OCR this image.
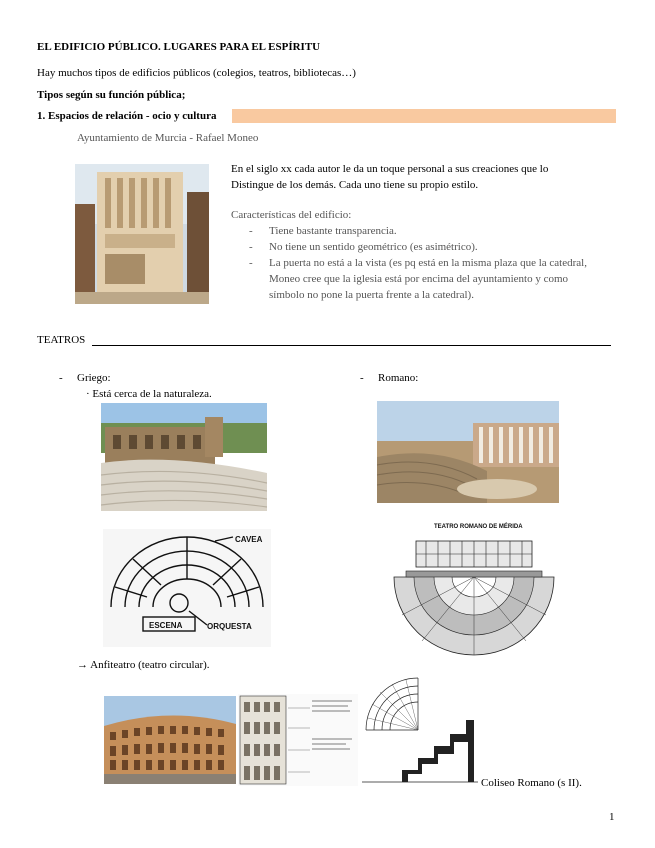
EL EDIFICIO PÚBLICO. LUGARES PARA EL ESPÍRITU
Hay muchos tipos de edificios públicos (colegios, teatros, bibliotecas…)
Tipos según su función pública;
1. Espacios de relación - ocio y cultura
Ayuntamiento de Murcia - Rafael Moneo
En el siglo xx cada autor le da un toque personal a sus creaciones que lo
Distingue de los demás. Cada uno tiene su propio estilo.
Características del edificio:
- Tiene bastante transparencia.
- No tiene un sentido geométrico (es asimétrico).
- La puerta no está a la vista (es pq está en la misma plaza que la catedral,
Moneo cree que la iglesia está por encima del ayuntamiento y como
símbolo no pone la puerta frente a la catedral).
TEATROS
- Griego:
· Está cerca de la naturaleza.
- Romano:
CAVEA
ESCENA	ORQUESTA
TEATRO ROMANO DE MÉRIDA
→ Anfiteatro (teatro circular).
Coliseo Romano (s II).
1
